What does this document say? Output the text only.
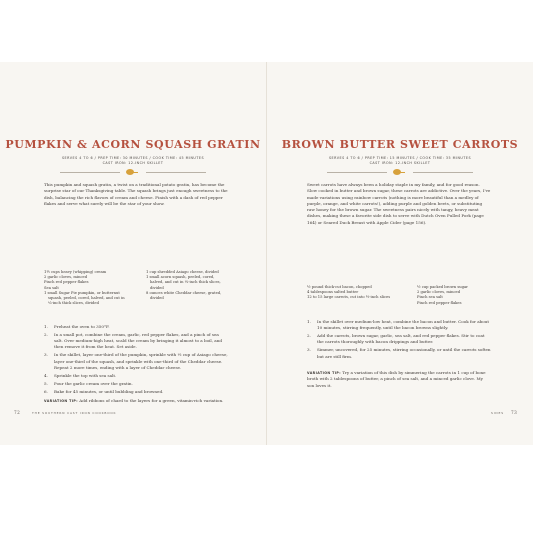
PUMPKIN & ACORN SQUASH GRATIN
SERVES 4 TO 6 / PREP TIME: 30 MINUTES / COOK TIME: 45 MINUTES
CAST IRON: 12-INCH SKILLET

This pumpkin and squash gratin, a twist on a traditional potato gratin, has become the surprise star of our Thanksgiving table. The squash brings just enough sweetness to the dish, balancing the rich flavors of cream and cheese. Finish with a dash of red pepper flakes and serve what surely will be the star of your show.

1½ cups heavy (whipping) cream

2 garlic cloves, minced

Pinch red pepper flakes

Sea salt

1 small Sugar Pie pumpkin, or butternut squash, peeled, cored, halved, and cut in ⅛-inch thick slices, divided

1 cup shredded Asiago cheese, divided

1 small acorn squash, peeled, cored, halved, and cut in ⅛-inch thick slices, divided

8 ounces white Cheddar cheese, grated, divided

1. Preheat the oven to 350°F.
2. In a small pot, combine the cream, garlic, red pepper flakes, and a pinch of sea salt. Over medium-high heat, scald the cream by bringing it almost to a boil, and then remove it from the heat. Set aside.
3. In the skillet, layer one-third of the pumpkin, sprinkle with ⅓ cup of Asiago cheese, layer one-third of the squash, and sprinkle with one-third of the Cheddar cheese. Repeat 2 more times, ending with a layer of Cheddar cheese.
4. Sprinkle the top with sea salt.
5. Pour the garlic cream over the gratin.
6. Bake for 45 minutes, or until bubbling and browned.

VARIATION TIP: Add ribbons of chard to the layers for a green, vitamin-rich variation.

72	THE SOUTHERN CAST IRON COOKBOOK
BROWN BUTTER SWEET CARROTS
SERVES 4 TO 6 / PREP TIME: 15 MINUTES / COOK TIME: 35 MINUTES
CAST IRON: 12-INCH SKILLET

Sweet carrots have always been a holiday staple in my family, and for good reason. Slow cooked in butter and brown sugar, these carrots are addictive. Over the years, I've made variations using rainbow carrots (nothing is more beautiful than a medley of purple, orange, and white carrots!), adding purple and golden beets, or substituting raw honey for the brown sugar. The sweetness pairs nicely with tangy, heavy meat dishes, making these a favorite side dish to serve with Dutch Oven Pulled Pork (page 164) or Seared Duck Breast with Apple Cider (page 156).

½ pound thick-cut bacon, chopped

4 tablespoons salted butter

12 to 15 large carrots, cut into ½-inch slices

½ cup packed brown sugar

2 garlic cloves, minced

Pinch sea salt

Pinch red pepper flakes

1. In the skillet over medium-low heat, combine the bacon and butter. Cook for about 10 minutes, stirring frequently, until the bacon browns slightly.
2. Add the carrots, brown sugar, garlic, sea salt, and red pepper flakes. Stir to coat the carrots thoroughly with bacon drippings and butter.
3. Simmer, uncovered, for 25 minutes, stirring occasionally, or until the carrots soften but are still firm.

VARIATION TIP: Try a variation of this dish by simmering the carrots in 1 cup of bone broth with 2 tablespoons of butter, a pinch of sea salt, and a minced garlic clove. My son loves it.

SIDES 73
